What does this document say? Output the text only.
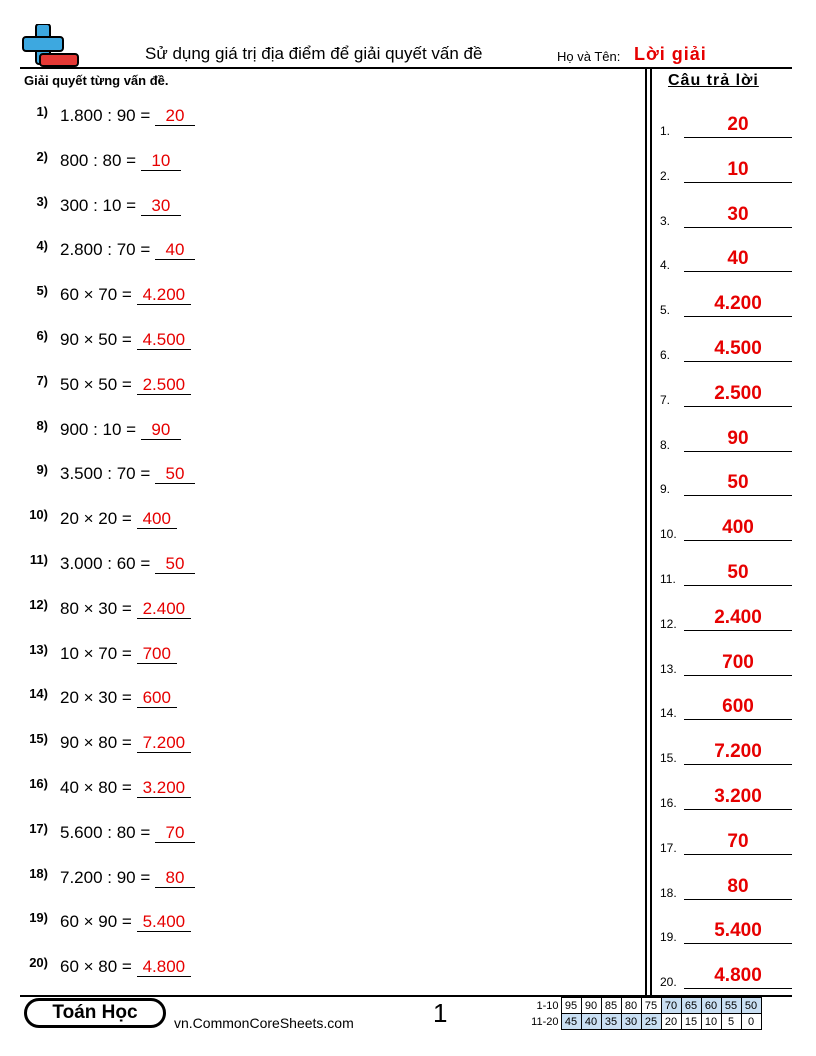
Sử dụng giá trị địa điểm để giải quyết vấn đề	Họ và Tên: Lời giải
Giải quyết từng vấn đề.	Câu trả lời
1) 1.800 : 90 = 20
2) 800 : 80 = 10
3) 300 : 10 = 30
4) 2.800 : 70 = 40
5) 60 × 70 = 4.200
6) 90 × 50 = 4.500
7) 50 × 50 = 2.500
8) 900 : 10 = 90
9) 3.500 : 70 = 50
10) 20 × 20 = 400
11) 3.000 : 60 = 50
12) 80 × 30 = 2.400
13) 10 × 70 = 700
14) 20 × 30 = 600
15) 90 × 80 = 7.200
16) 40 × 80 = 3.200
17) 5.600 : 80 = 70
18) 7.200 : 90 = 80
19) 60 × 90 = 5.400
20) 60 × 80 = 4.800
1.	20
2.	10
3.	30
4.	40
5.	4.200
6.	4.500
7.	2.500
8.	90
9.	50
10.	400
11.	50
12.	2.400
13.	700
14.	600
15.	7.200
16.	3.200
17.	70
18.	80
19.	5.400
20.	4.800
Toán Học	vn.CommonCoreSheets.com	1	1-10	95	90	85	80	75	70	65	60	55	50
11-20	45	40	35	30	25	20	15	10	5	0
